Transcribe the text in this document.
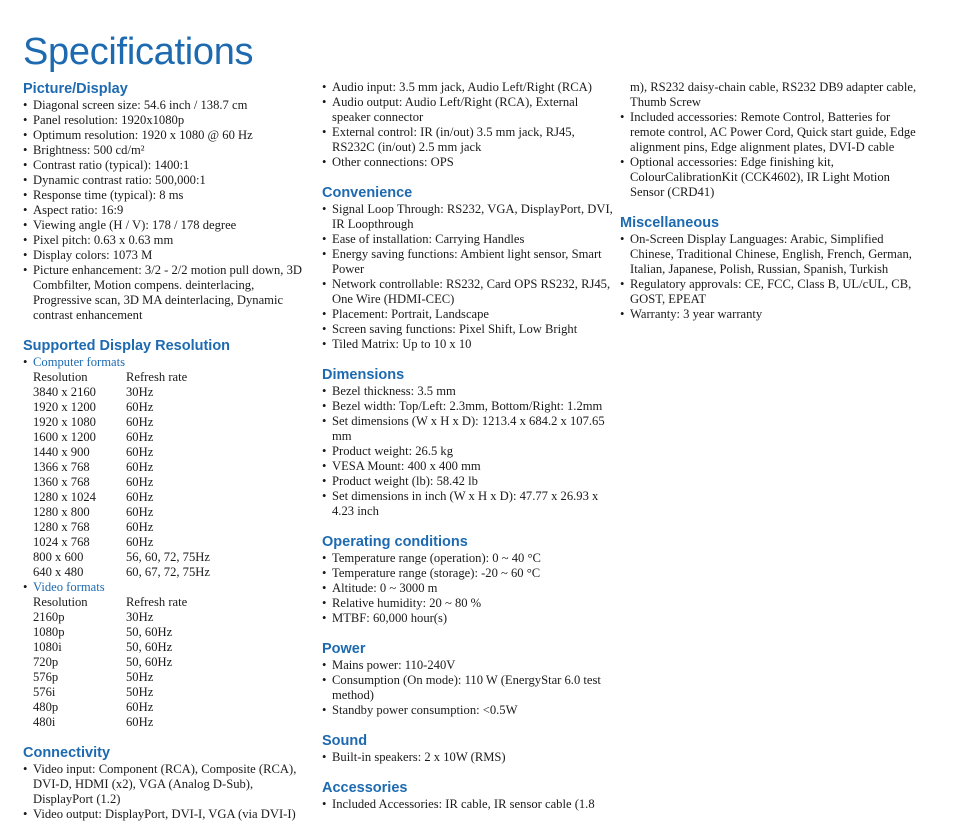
Specifications
Picture/Display
• Diagonal screen size: 54.6 inch / 138.7 cm
• Panel resolution: 1920x1080p
• Optimum resolution: 1920 x 1080 @ 60 Hz
• Brightness: 500 cd/m²
• Contrast ratio (typical): 1400:1
• Dynamic contrast ratio: 500,000:1
• Response time (typical): 8 ms
• Aspect ratio: 16:9
• Viewing angle (H / V): 178 / 178 degree
• Pixel pitch: 0.63 x 0.63 mm
• Display colors: 1073 M
• Picture enhancement: 3/2 - 2/2 motion pull down, 3D Combfilter, Motion compens. deinterlacing, Progressive scan, 3D MA deinterlacing, Dynamic contrast enhancement
Supported Display Resolution
• Computer formats
Resolution	Refresh rate
3840 x 2160	30Hz
1920 x 1200	60Hz
1920 x 1080	60Hz
1600 x 1200	60Hz
1440 x 900	60Hz
1366 x 768	60Hz
1360 x 768	60Hz
1280 x 1024	60Hz
1280 x 800	60Hz
1280 x 768	60Hz
1024 x 768	60Hz
800 x 600	56, 60, 72, 75Hz
640 x 480	60, 67, 72, 75Hz
• Video formats
Resolution	Refresh rate
2160p	30Hz
1080p	50, 60Hz
1080i	50, 60Hz
720p	50, 60Hz
576p	50Hz
576i	50Hz
480p	60Hz
480i	60Hz
Connectivity
• Video input: Component (RCA), Composite (RCA), DVI-D, HDMI (x2), VGA (Analog D-Sub), DisplayPort (1.2)
• Video output: DisplayPort, DVI-I, VGA (via DVI-I)
• Audio input: 3.5 mm jack, Audio Left/Right (RCA)
• Audio output: Audio Left/Right (RCA), External speaker connector
• External control: IR (in/out) 3.5 mm jack, RJ45, RS232C (in/out) 2.5 mm jack
• Other connections: OPS
Convenience
• Signal Loop Through: RS232, VGA, DisplayPort, DVI, IR Loopthrough
• Ease of installation: Carrying Handles
• Energy saving functions: Ambient light sensor, Smart Power
• Network controllable: RS232, Card OPS RS232, RJ45, One Wire (HDMI-CEC)
• Placement: Portrait, Landscape
• Screen saving functions: Pixel Shift, Low Bright
• Tiled Matrix: Up to 10 x 10
Dimensions
• Bezel thickness: 3.5 mm
• Bezel width: Top/Left: 2.3mm, Bottom/Right: 1.2mm
• Set dimensions (W x H x D): 1213.4 x 684.2 x 107.65 mm
• Product weight: 26.5 kg
• VESA Mount: 400 x 400 mm
• Product weight (lb): 58.42 lb
• Set dimensions in inch (W x H x D): 47.77 x 26.93 x 4.23 inch
Operating conditions
• Temperature range (operation): 0 ~ 40 °C
• Temperature range (storage): -20 ~ 60 °C
• Altitude: 0 ~ 3000 m
• Relative humidity: 20 ~ 80 %
• MTBF: 60,000 hour(s)
Power
• Mains power: 110-240V
• Consumption (On mode): 110 W (EnergyStar 6.0 test method)
• Standby power consumption: <0.5W
Sound
• Built-in speakers: 2 x 10W (RMS)
Accessories
• Included Accessories: IR cable, IR sensor cable (1.8
m), RS232 daisy-chain cable, RS232 DB9 adapter cable, Thumb Screw
• Included accessories: Remote Control, Batteries for remote control, AC Power Cord, Quick start guide, Edge alignment pins, Edge alignment plates, DVI-D cable
• Optional accessories: Edge finishing kit, ColourCalibrationKit (CCK4602), IR Light Motion Sensor (CRD41)
Miscellaneous
• On-Screen Display Languages: Arabic, Simplified Chinese, Traditional Chinese, English, French, German, Italian, Japanese, Polish, Russian, Spanish, Turkish
• Regulatory approvals: CE, FCC, Class B, UL/cUL, CB, GOST, EPEAT
• Warranty: 3 year warranty
